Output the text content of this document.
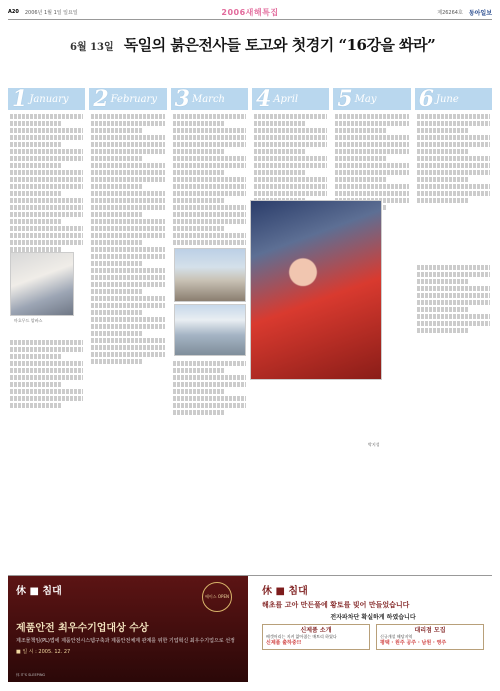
A20 2006년 1월 1일 일요일	2006새해특집	제26264호 동아일보
6월 13일 독일의 붉은전사들 토고와 첫경기 “16강을 쏴라”
1 January 2 February 3 March 4 April 5 May 6 June
마흐무드 압바스
박지성
休 ■ 침대	에이스 OPEN
제품안전 최우수기업대상 수상
제조물책임(PL)법에 제품안전시스템구축과 제품안전체계 관계를 위한 기업혁신 최우수기업으로 선정
■ 일 시 : 2005. 12. 27
休 IT'S SLEEPING
休 ■ 침대
해초를 고아 만든풀에 황토를 빚어 만들었습니다
전자파차단 확실하게 하였습니다
신제품 소개
배갯머리는 지켜 얇아졌는 매트리 하였다
신제품 출하중!!
대리점 모집
신규개설 해당지역
평택 · 원주 공주 · 남원 · 영주
